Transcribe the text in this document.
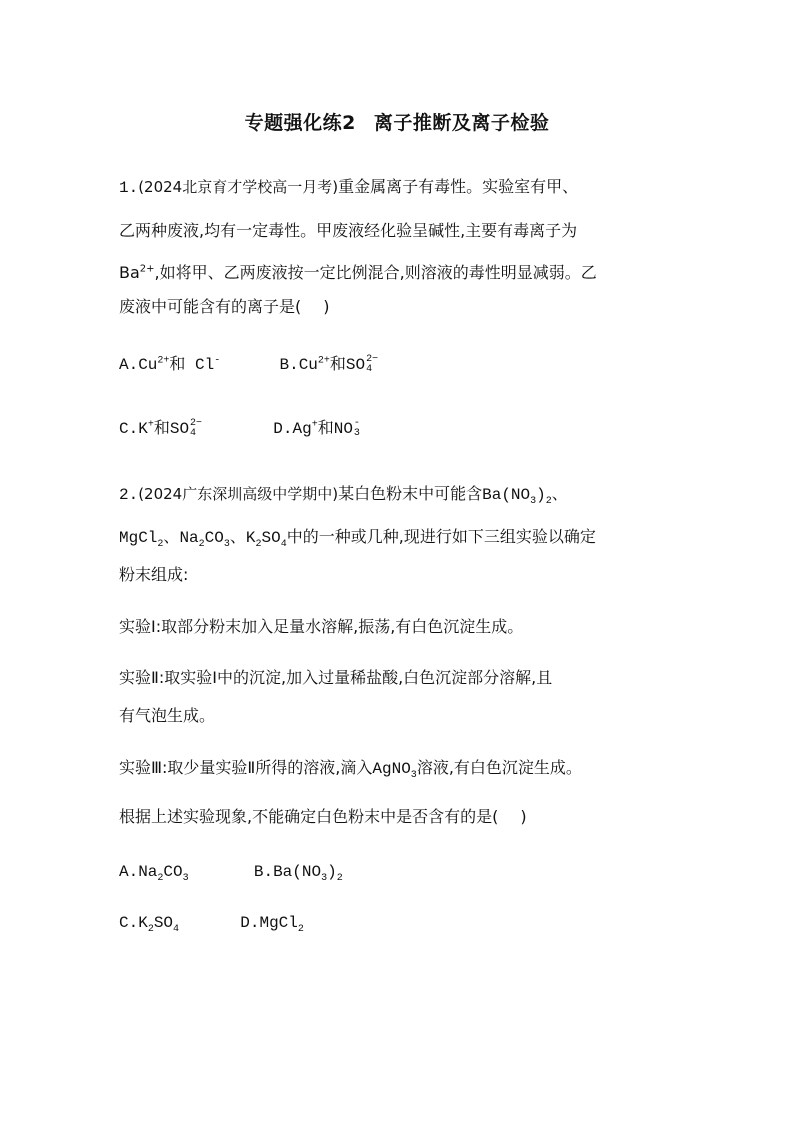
专题强化练2 离子推断及离子检验
1.(2024北京育才学校高一月考)重金属离子有毒性。实验室有甲、
乙两种废液,均有一定毒性。甲废液经化验呈碱性,主要有毒离子为
$Ba^{2+}$,如将甲、乙两废液按一定比例混合,则溶液的毒性明显减弱。乙
废液中可能含有的离子是( )
$A.Cu^{2+}$和 Cl-	$B.Cu^{2+}$和SO 2−
4
C.K+和SO 2−
4	D.Ag+和NO -
3
2.(2024广东深圳高级中学期中)某白色粉末中可能含$Ba(NO_3)_2$、
MgCl$_2$、$Na_2CO_3$、$K_2SO_4$中的一种或几种,现进行如下三组实验以确定
粉末组成:
实验Ⅰ:取部分粉末加入足量水溶解,振荡,有白色沉淀生成。
实验Ⅱ:取实验Ⅰ中的沉淀,加入过量稀盐酸,白色沉淀部分溶解,且
有气泡生成。
实验Ⅲ:取少量实验Ⅱ所得的溶液,滴入AgNO$_3$溶液,有白色沉淀生成。
根据上述实验现象,不能确定白色粉末中是否含有的是( )
$A.Na_2CO_3$	$B.Ba(NO_3)_2$
$C.K_2SO_4$	D.MgCl$_2$
